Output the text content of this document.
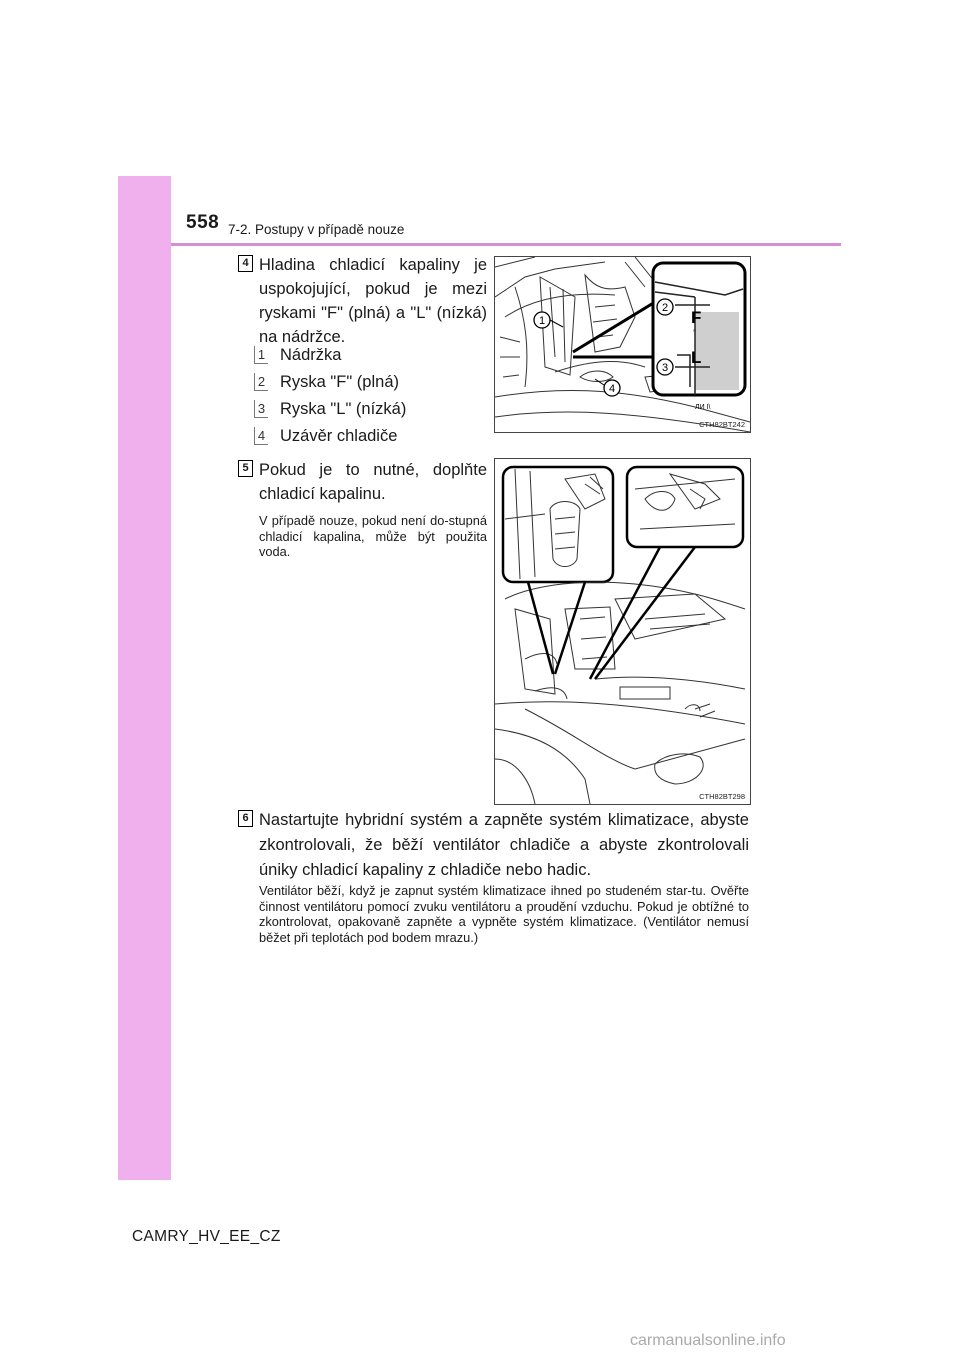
558 7-2. Postupy v případě nouze
4 Hladina chladicí kapaliny je uspokojující, pokud je mezi ryskami "F" (plná) a "L" (nízká) na nádržce.
1 Nádržka
2 Ryska "F" (plná)
3 Ryska "L" (nízká)
4 Uzávěr chladiče
1
2
3
4
F
▫
L
ЛИ I\
CTH82BT242
5 Pokud je to nutné, doplňte chladicí kapalinu.
V případě nouze, pokud není do-stupná chladicí kapalina, může být použita voda.
CTH82BT298
6 Nastartujte hybridní systém a zapněte systém klimatizace, abyste zkontrolovali, že běží ventilátor chladiče a abyste zkontrolovali úniky chladicí kapaliny z chladiče nebo hadic.
Ventilátor běží, když je zapnut systém klimatizace ihned po studeném star-tu. Ověřte činnost ventilátoru pomocí zvuku ventilátoru a proudění vzduchu. Pokud je obtížné to zkontrolovat, opakovaně zapněte a vypněte systém klimatizace. (Ventilátor nemusí běžet při teplotách pod bodem mrazu.)
CAMRY_HV_EE_CZ
carmanualsonline.info
